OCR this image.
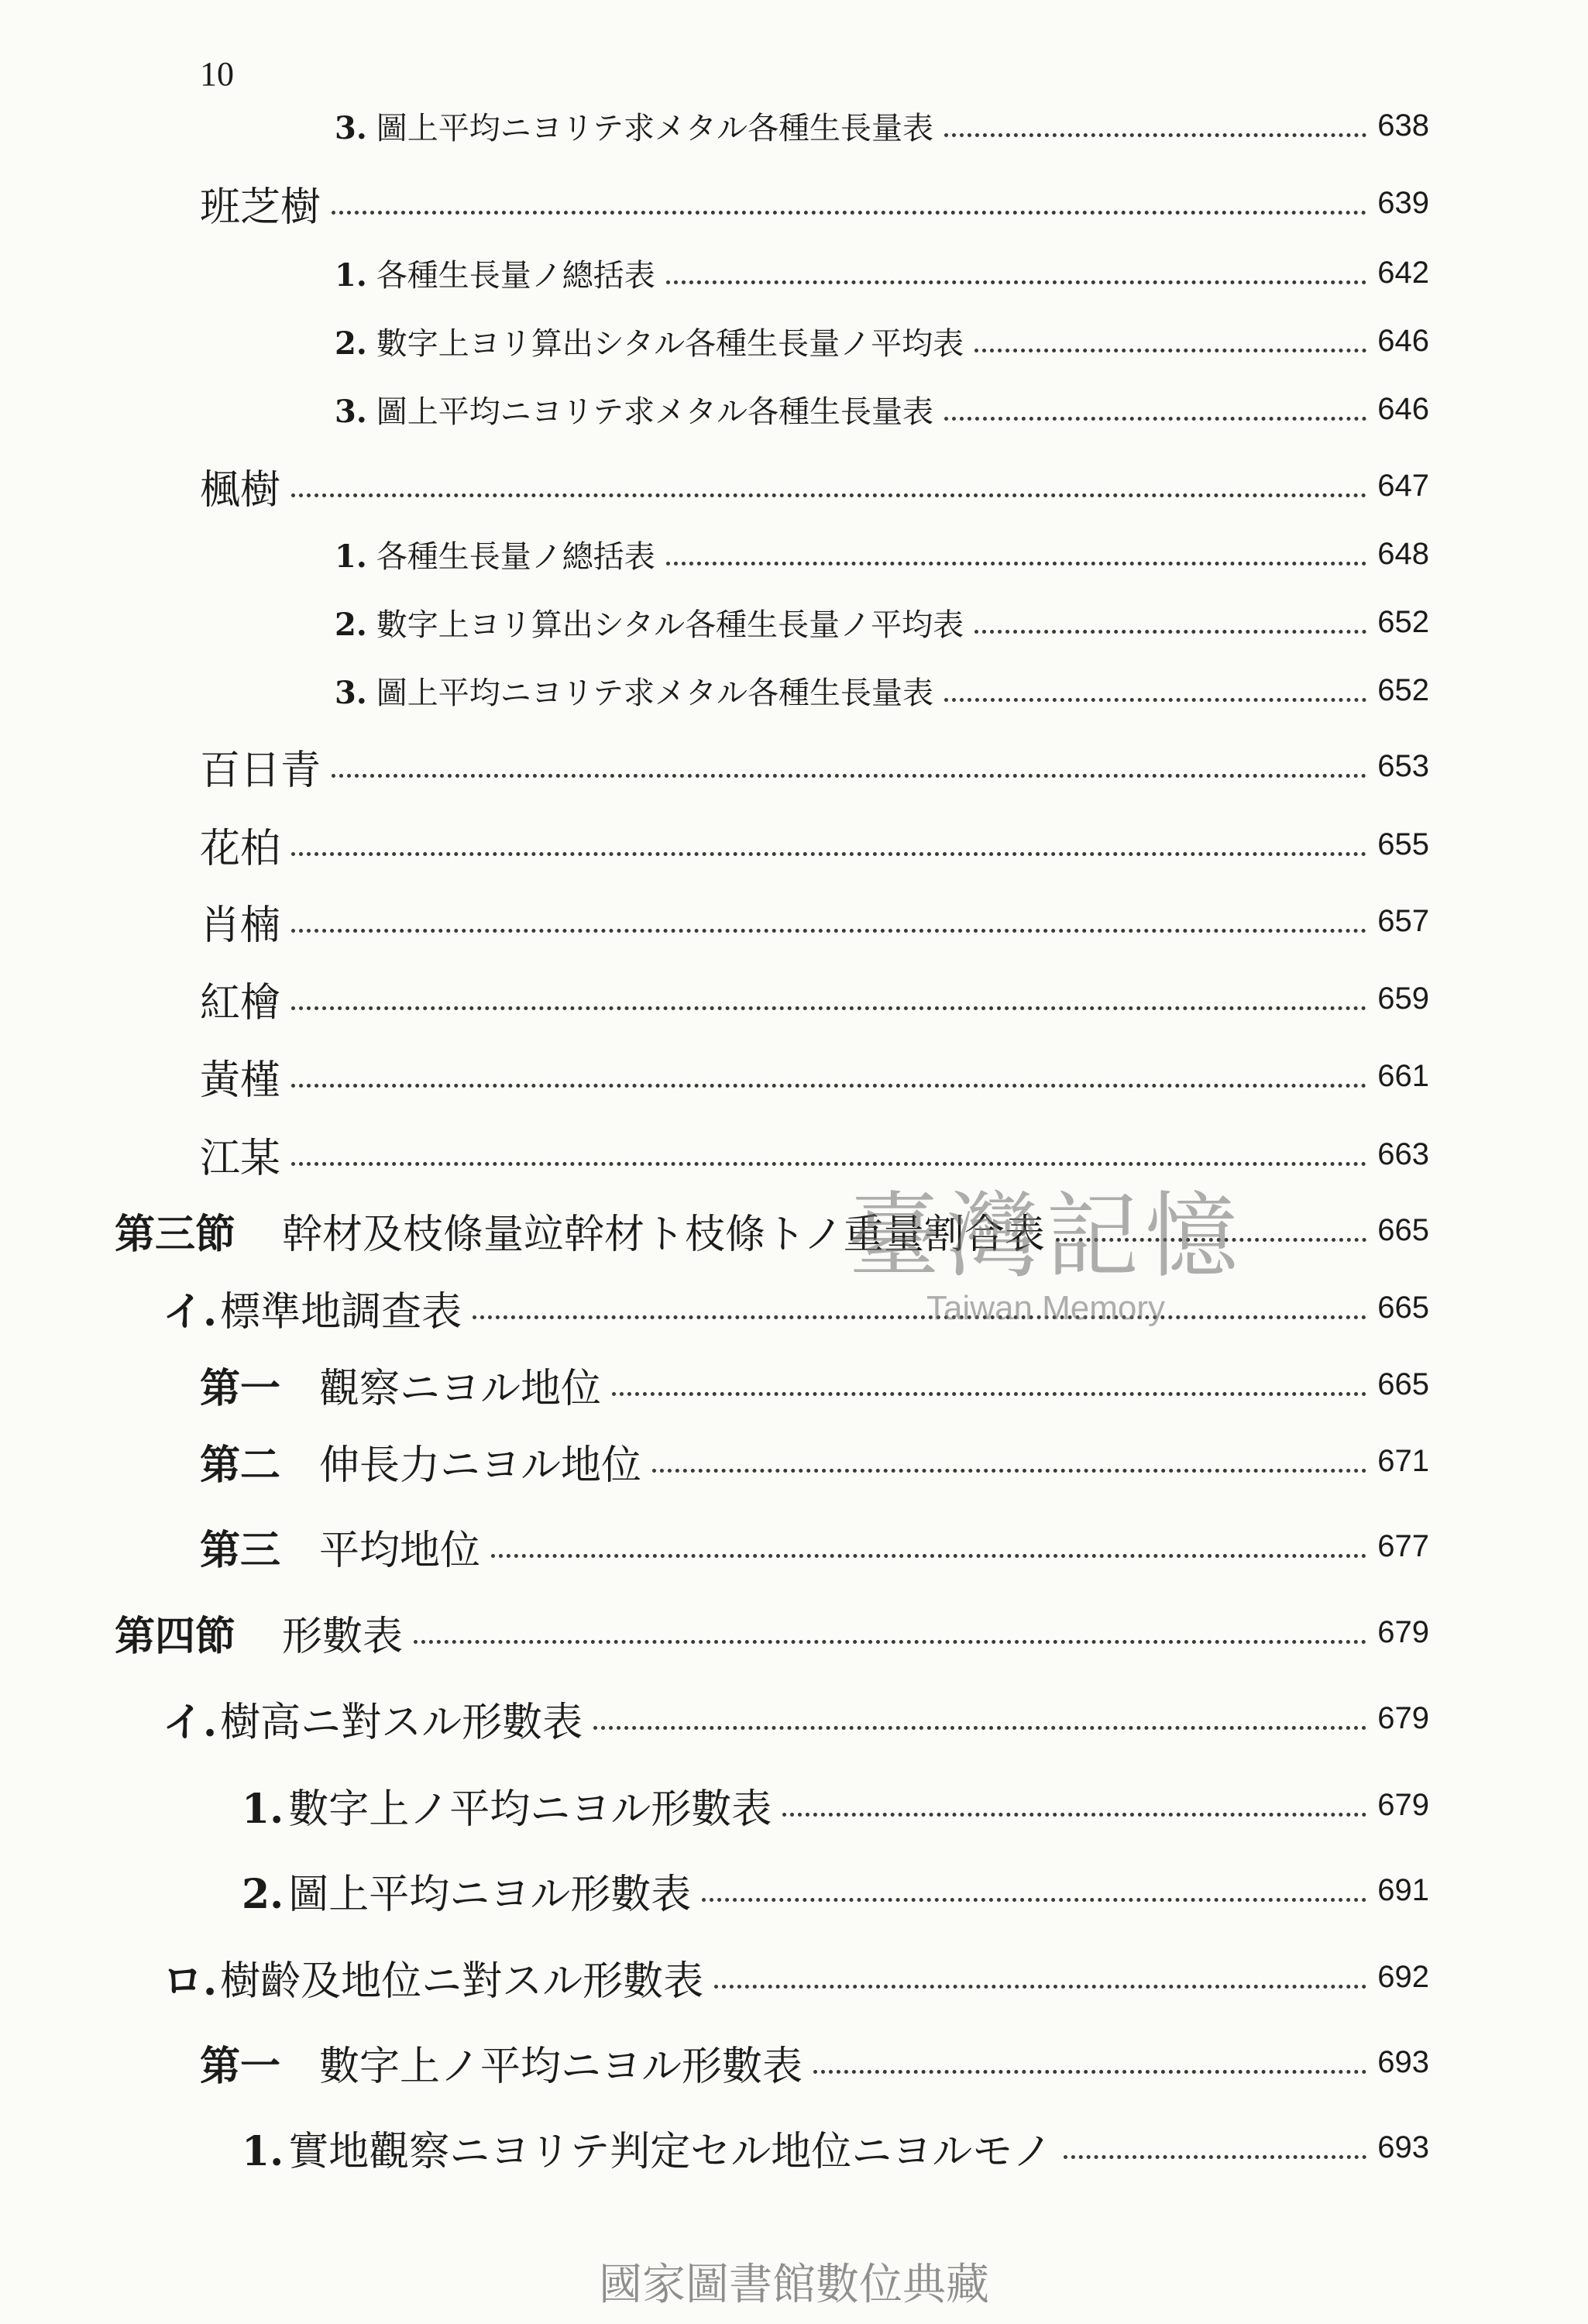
10
3. 圖上平均ニヨリテ求メタル各種生長量表	638
班芝樹	639
1. 各種生長量ノ總括表	642
2. 數字上ヨリ算出シタル各種生長量ノ平均表	646
3. 圖上平均ニヨリテ求メタル各種生長量表	646
楓樹	647
1. 各種生長量ノ總括表	648
2. 數字上ヨリ算出シタル各種生長量ノ平均表	652
3. 圖上平均ニヨリテ求メタル各種生長量表	652
百日青	653
花柏	655
肖楠	657
紅檜	659
黃槿	661
江某	663
第三節 幹材及枝條量竝幹材ト枝條トノ重量割合表	665
イ.標準地調查表	665
第一 觀察ニヨル地位	665
第二 伸長力ニヨル地位	671
第三 平均地位	677
第四節 形數表	679
イ.樹高ニ對スル形數表	679
1. 數字上ノ平均ニヨル形數表	679
2. 圖上平均ニヨル形數表	691
ロ.樹齡及地位ニ對スル形數表	692
第一 數字上ノ平均ニヨル形數表	693
1. 實地觀察ニヨリテ判定セル地位ニヨルモノ	693
臺灣記憶
Taiwan Memory
國家圖書館數位典藏
